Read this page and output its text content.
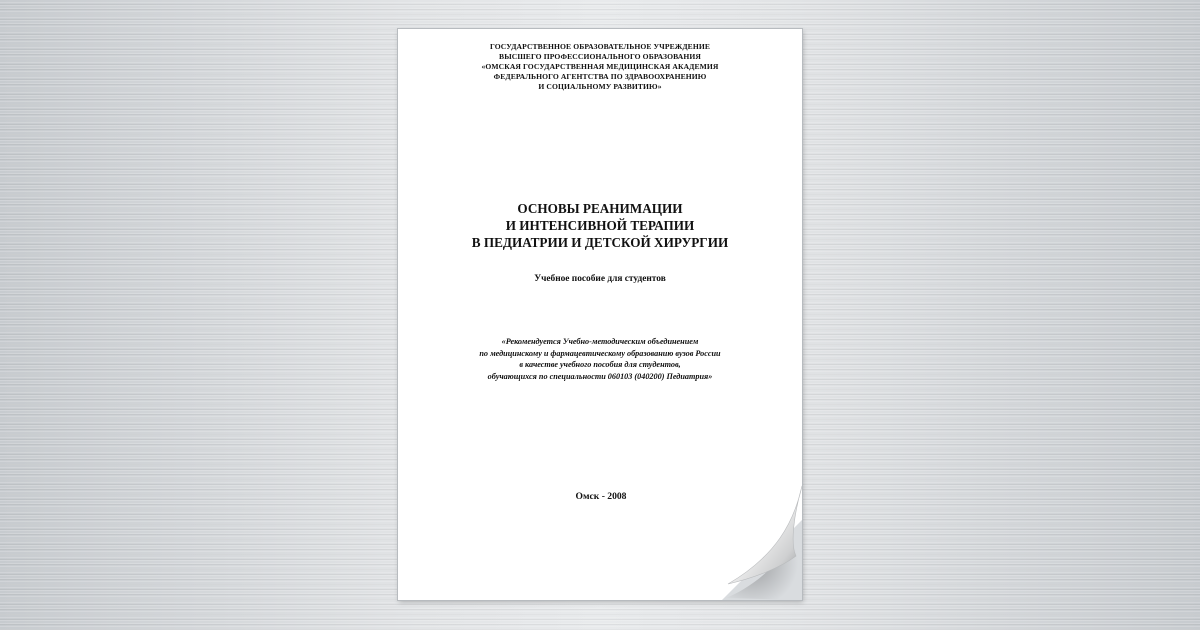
ГОСУДАРСТВЕННОЕ ОБРАЗОВАТЕЛЬНОЕ УЧРЕЖДЕНИЕ
ВЫСШЕГО ПРОФЕССИОНАЛЬНОГО ОБРАЗОВАНИЯ
«ОМСКАЯ ГОСУДАРСТВЕННАЯ МЕДИЦИНСКАЯ АКАДЕМИЯ
ФЕДЕРАЛЬНОГО АГЕНТСТВА ПО ЗДРАВООХРАНЕНИЮ
И СОЦИАЛЬНОМУ РАЗВИТИЮ»
ОСНОВЫ РЕАНИМАЦИИ
И ИНТЕНСИВНОЙ ТЕРАПИИ
В ПЕДИАТРИИ И ДЕТСКОЙ ХИРУРГИИ
Учебное пособие для студентов
«Рекомендуется Учебно-методическим объединением
по медицинскому и фармацевтическому образованию вузов России
в качестве учебного пособия для студентов,
обучающихся по специальности 060103 (040200) Педиатрия»
Омск - 2008
